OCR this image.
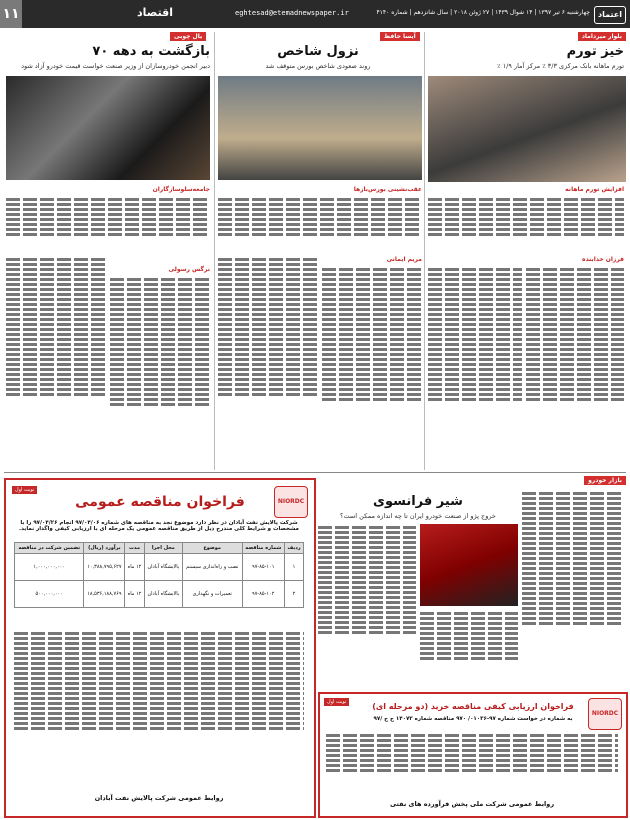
۱۱	اقتصاد	eghtesad@etemadnewspaper.ir	چهارشنبه ۶ تیر ۱۳۹۷ | ۱۴ شوال ۱۴۳۹ | ۲۷ ژوئن ۲۰۱۸ | سال شانزدهم | شماره ۴۱۴۰	اعتماد
بلوار میرداماد
خیز تورم
تورم ماهانه بانک مرکزی ۳/۳ ٪ مرکز آمار ۱/۹ ٪
افزایش تورم ماهانه
فرزان خدابنده
آیسا حافظ
نزول شاخص
روند صعودی شاخص بورس متوقف شد
عقب‌نشینی بورس‌بازها
مریم ایمانی
یال چوبی
بازگشت به دهه ۷۰
دبیر انجمن خودروسازان از وزیر صنعت خواست قیمت خودرو آزاد شود
جامعه‌سلوسازگاران
نرگس رسولی
بازار خودرو
شیر فرانسوی
خروج پژو از صنعت خودرو ایران تا چه اندازه ممکن است؟
NIORDC
نوبت اول
فراخوان مناقصه عمومی
شرکت پالایش نفت آبادان در نظر دارد موضوع نجد به مناقصه های شماره ۹۷/۰۴/۰۶ انجام ۹۷/۰۴/۲۶ را با مشخصات و شرایط کلی مندرج ذیل از طریق مناقصه عمومی یک مرحله ای با ارزیابی کیفی واگذار نماید.
ردیف	شماره مناقصه	موضوع	محل اجرا	مدت	برآورد (ریال)	تضمین شرکت در مناقصه
۱	۹۷-۸۵-۱۰۱	نصب و راه‌اندازی سیستم	پالایشگاه آبادان	۱۲ ماه	۱۰,۳۸۸,۷۹۵,۶۲۷	۱,۰۰۰,۰۰۰,۰۰۰
۲	۹۷-۸۵-۱۰۲	تعمیرات و نگهداری	پالایشگاه آبادان	۱۲ ماه	۱۸,۵۳۶,۱۸۸,۷۶۹	۵۰۰,۰۰۰,۰۰۰
روابط عمومی شرکت پالایش نفت آبادان
NIORDC
نوبت اول	فراخوان ارزیابی کیفی مناقصه خرید (دو مرحله ای)
به شماره در خواست شماره ۹۷-۰۱۰۳۶/ ۹۷۰ مناقصه شماره ۱۴۰۷۳ ج ج /۹۷
روابط عمومی شرکت ملی پخش فرآورده های نفتی
